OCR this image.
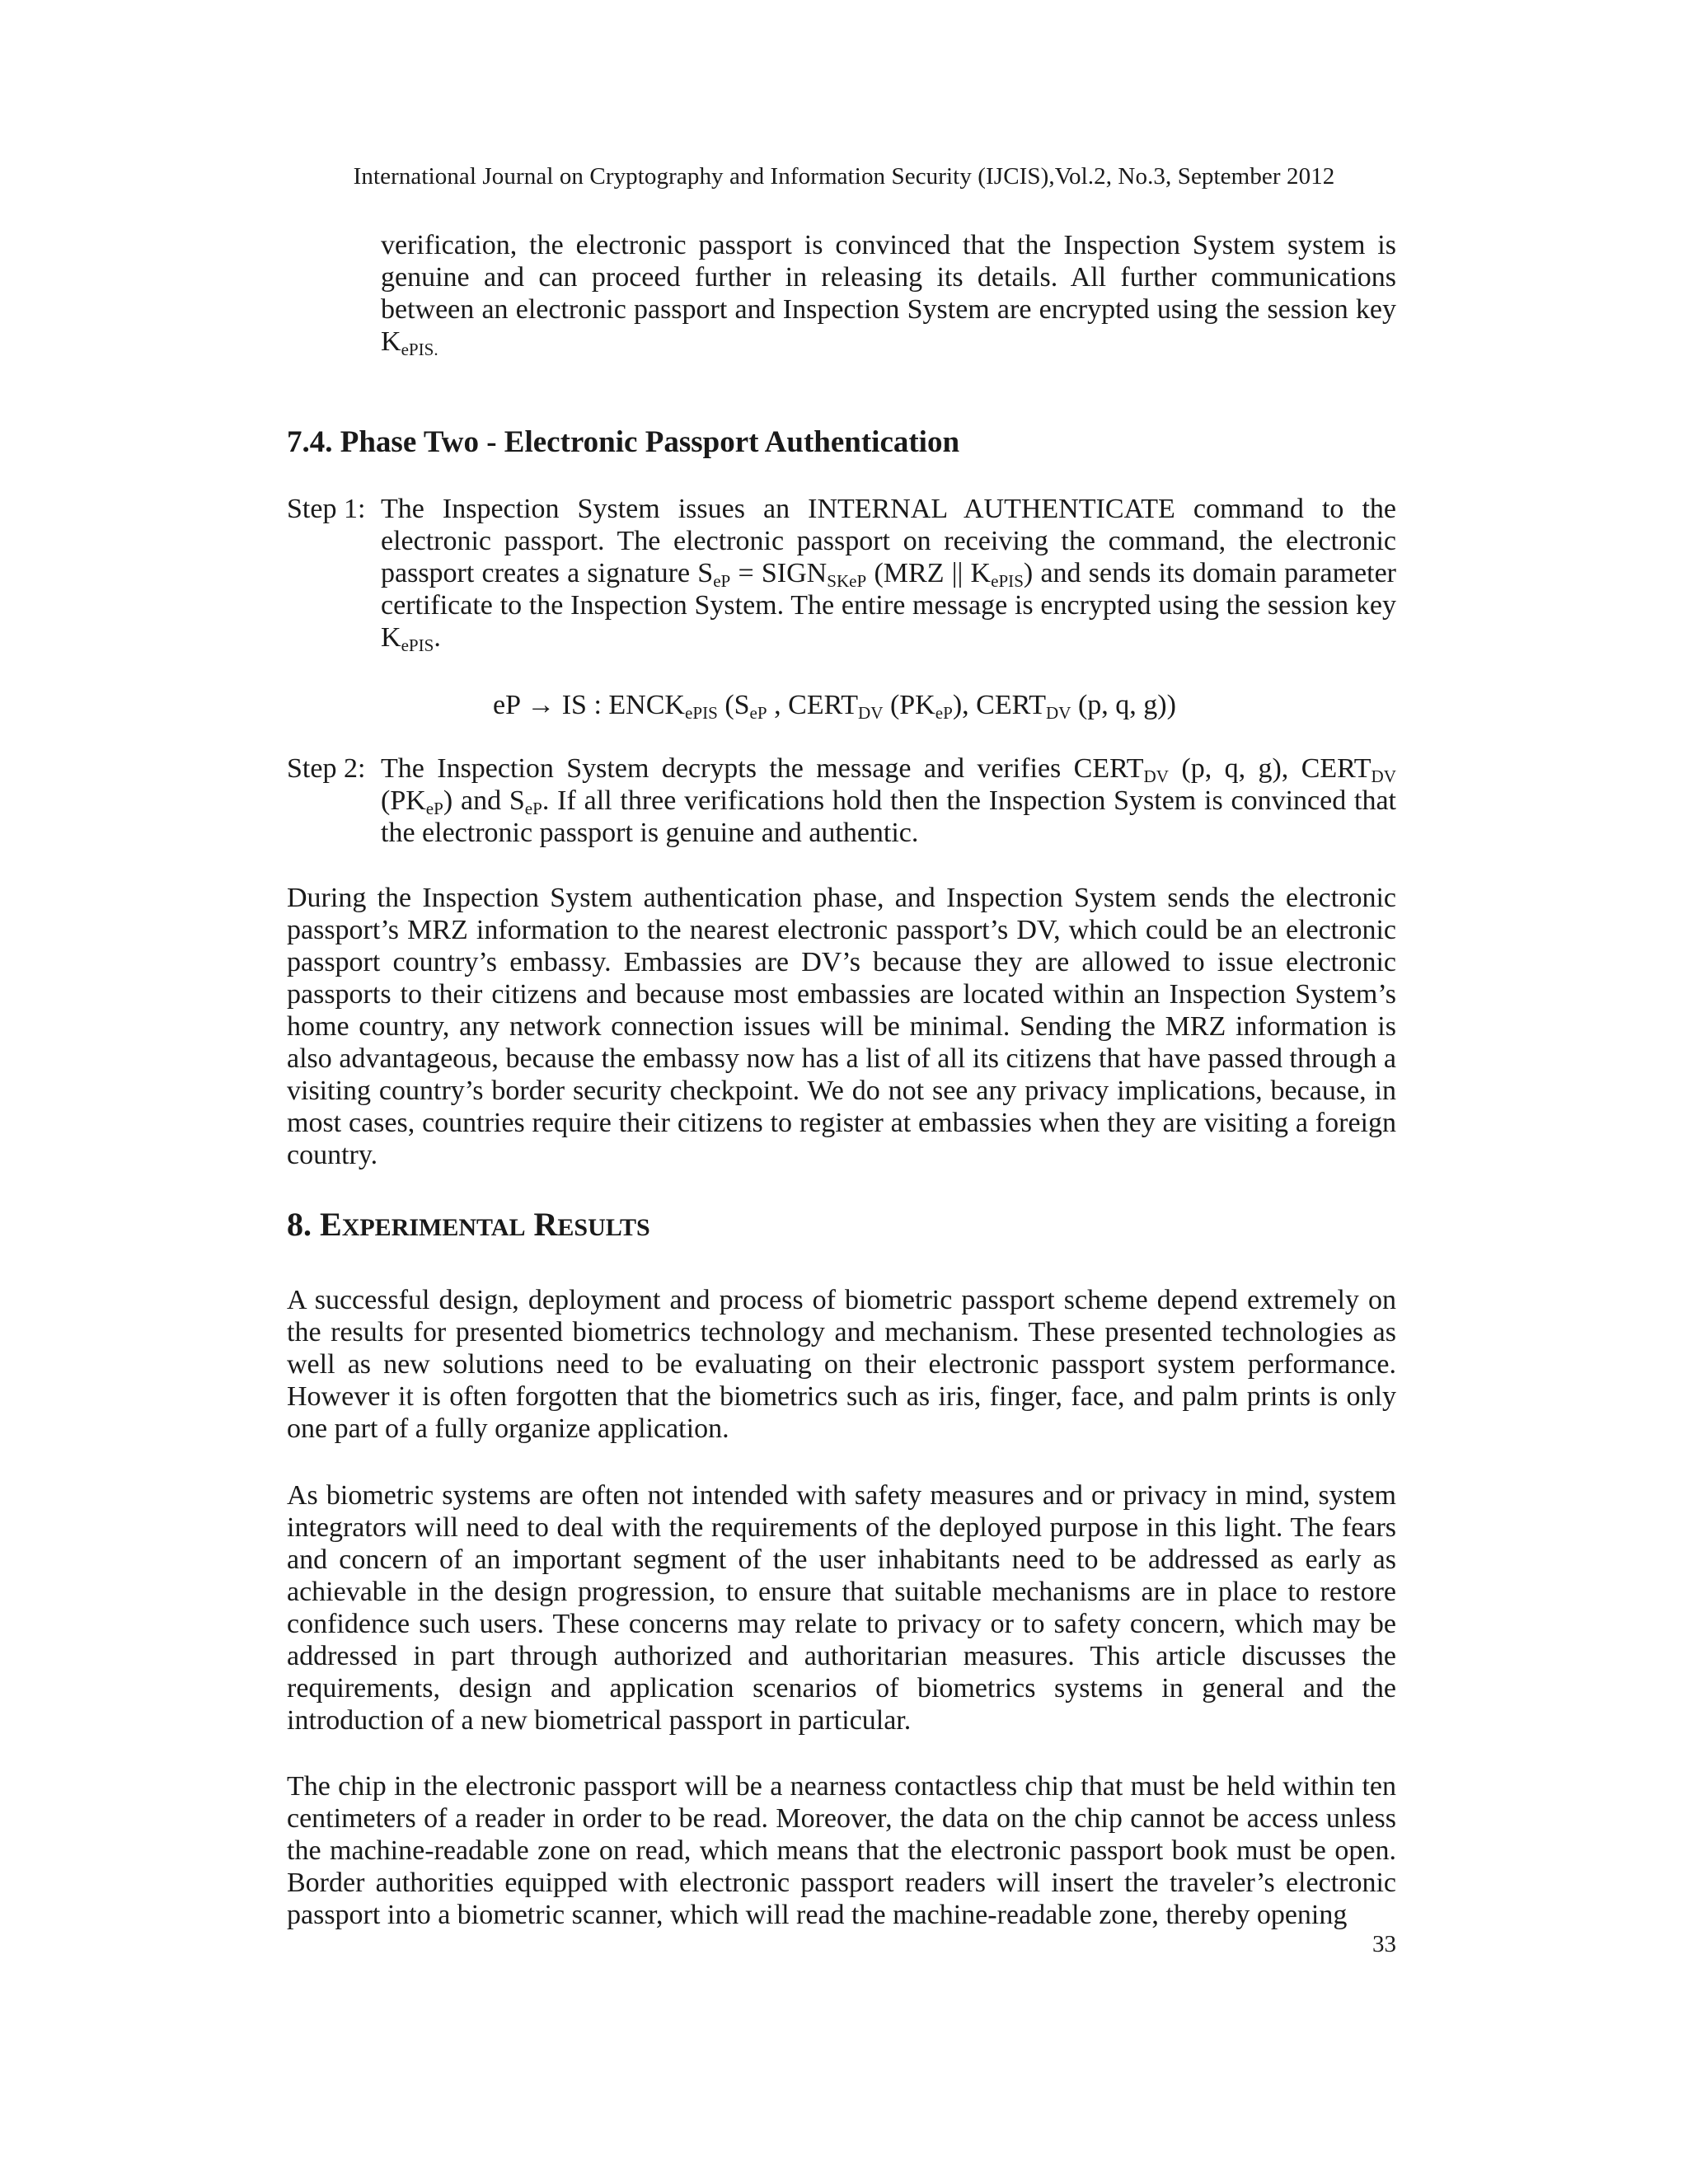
International Journal on Cryptography and Information Security (IJCIS),Vol.2, No.3, September 2012

verification, the electronic passport is convinced that the Inspection System system is genuine and can proceed further in releasing its details. All further communications between an electronic passport and Inspection System are encrypted using the session key $K_{ePIS.}$

7.4. Phase Two - Electronic Passport Authentication
Step 1: The Inspection System issues an INTERNAL AUTHENTICATE command to the electronic passport. The electronic passport on receiving the command, the electronic passport creates a signature $S_{eP}$ = $SIGN_{SKeP}$ (MRZ || $K_{ePIS}$) and sends its domain parameter certificate to the Inspection System. The entire message is encrypted using the session key $K_{ePIS}$.
eP → IS : $ENCK_{ePIS}$ ($S_{eP}$ , $CERT_{DV}$ $(PK_{eP})$, $CERT_{DV}$ (p, q, g))
Step 2: The Inspection System decrypts the message and verifies $CERT_{DV}$ (p, q, g), $CERT_{DV}$ $(PK_{eP})$ and $S_{eP}$. If all three verifications hold then the Inspection System is convinced that the electronic passport is genuine and authentic.

During the Inspection System authentication phase, and Inspection System sends the electronic passport’s MRZ information to the nearest electronic passport’s DV, which could be an electronic passport country’s embassy. Embassies are DV’s because they are allowed to issue electronic passports to their citizens and because most embassies are located within an Inspection System’s home country, any network connection issues will be minimal. Sending the MRZ information is also advantageous, because the embassy now has a list of all its citizens that have passed through a visiting country’s border security checkpoint. We do not see any privacy implications, because, in most cases, countries require their citizens to register at embassies when they are visiting a foreign country.

8. EXPERIMENTAL RESULTS

A successful design, deployment and process of biometric passport scheme depend extremely on the results for presented biometrics technology and mechanism. These presented technologies as well as new solutions need to be evaluating on their electronic passport system performance. However it is often forgotten that the biometrics such as iris, finger, face, and palm prints is only one part of a fully organize application.

As biometric systems are often not intended with safety measures and or privacy in mind, system integrators will need to deal with the requirements of the deployed purpose in this light. The fears and concern of an important segment of the user inhabitants need to be addressed as early as achievable in the design progression, to ensure that suitable mechanisms are in place to restore confidence such users. These concerns may relate to privacy or to safety concern, which may be addressed in part through authorized and authoritarian measures. This article discusses the requirements, design and application scenarios of biometrics systems in general and the introduction of a new biometrical passport in particular.

The chip in the electronic passport will be a nearness contactless chip that must be held within ten centimeters of a reader in order to be read. Moreover, the data on the chip cannot be access unless the machine-readable zone on read, which means that the electronic passport book must be open. Border authorities equipped with electronic passport readers will insert the traveler’s electronic passport into a biometric scanner, which will read the machine-readable zone, thereby opening

33
